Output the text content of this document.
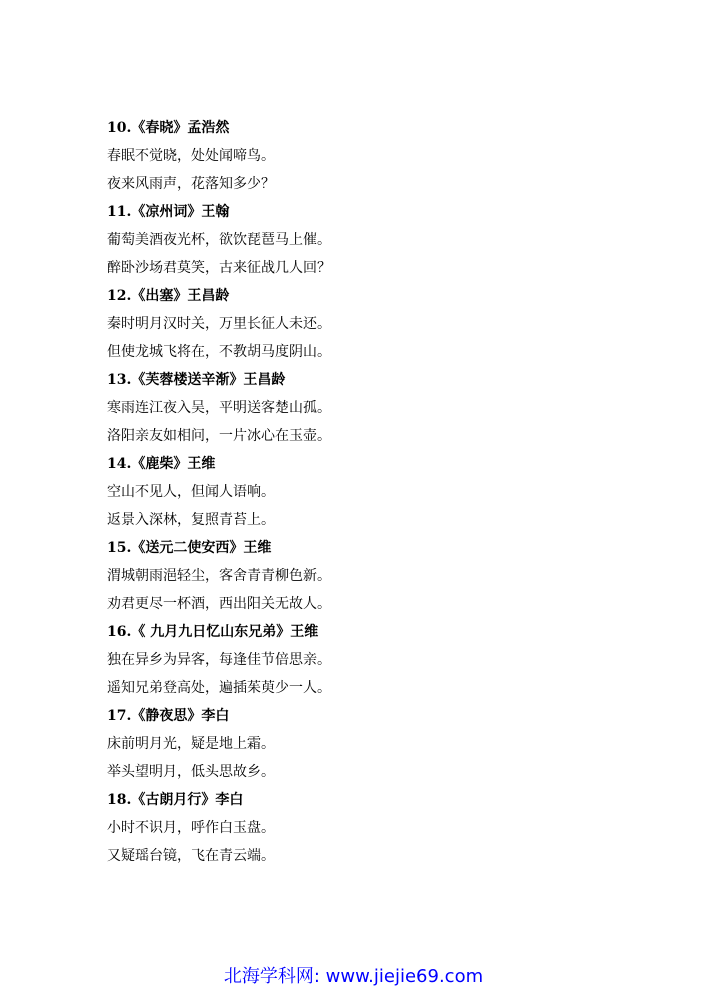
10.《春晓》孟浩然
春眠不觉晓，处处闻啼鸟。
夜来风雨声，花落知多少？
11.《凉州词》王翰
葡萄美酒夜光杯，欲饮琵琶马上催。
醉卧沙场君莫笑，古来征战几人回？
12.《出塞》王昌龄
秦时明月汉时关，万里长征人未还。
但使龙城飞将在，不教胡马度阴山。
13.《芙蓉楼送辛渐》王昌龄
寒雨连江夜入吴，平明送客楚山孤。
洛阳亲友如相问，一片冰心在玉壶。
14.《鹿柴》王维
空山不见人，但闻人语响。
返景入深林，复照青苔上。
15.《送元二使安西》王维
渭城朝雨浥轻尘，客舍青青柳色新。
劝君更尽一杯酒，西出阳关无故人。
16.《 九月九日忆山东兄弟》王维
独在异乡为异客，每逢佳节倍思亲。
遥知兄弟登高处，遍插茱萸少一人。
17.《静夜思》李白
床前明月光，疑是地上霜。
举头望明月，低头思故乡。
18.《古朗月行》李白
小时不识月，呼作白玉盘。
又疑瑶台镜，飞在青云端。
北海学科网: www.jiejie69.com
